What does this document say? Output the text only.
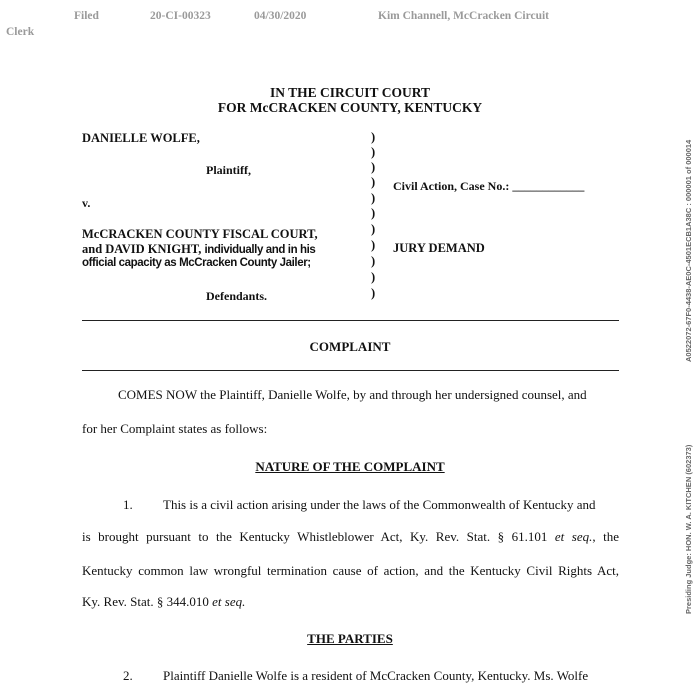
Filed	20-CI-00323	04/30/2020	Kim Channell, McCracken Circuit
Clerk
A0522072-67F0-4438-AE0C-4501ECB1A38C : 000001 of 000014
Presiding Judge: HON. W. A. KITCHEN (602373)
IN THE CIRCUIT COURT
FOR McCRACKEN COUNTY, KENTUCKY
DANIELLE WOLFE,
Plaintiff,
v.
McCRACKEN COUNTY FISCAL COURT,
and DAVID KNIGHT, individually and in his
official capacity as McCracken County Jailer;
Defendants.
)
)
)
)
)
)
)
)
)
)
)
Civil Action, Case No.: ____________
JURY DEMAND
COMPLAINT
COMES NOW the Plaintiff, Danielle Wolfe, by and through her undersigned counsel, and
for her Complaint states as follows:
NATURE OF THE COMPLAINT
1. This is a civil action arising under the laws of the Commonwealth of Kentucky and
is brought pursuant to the Kentucky Whistleblower Act, Ky. Rev. Stat. § 61.101 et seq., the
Kentucky common law wrongful termination cause of action, and the Kentucky Civil Rights Act,
Ky. Rev. Stat. § 344.010 et seq.
THE PARTIES
2. Plaintiff Danielle Wolfe is a resident of McCracken County, Kentucky. Ms. Wolfe
